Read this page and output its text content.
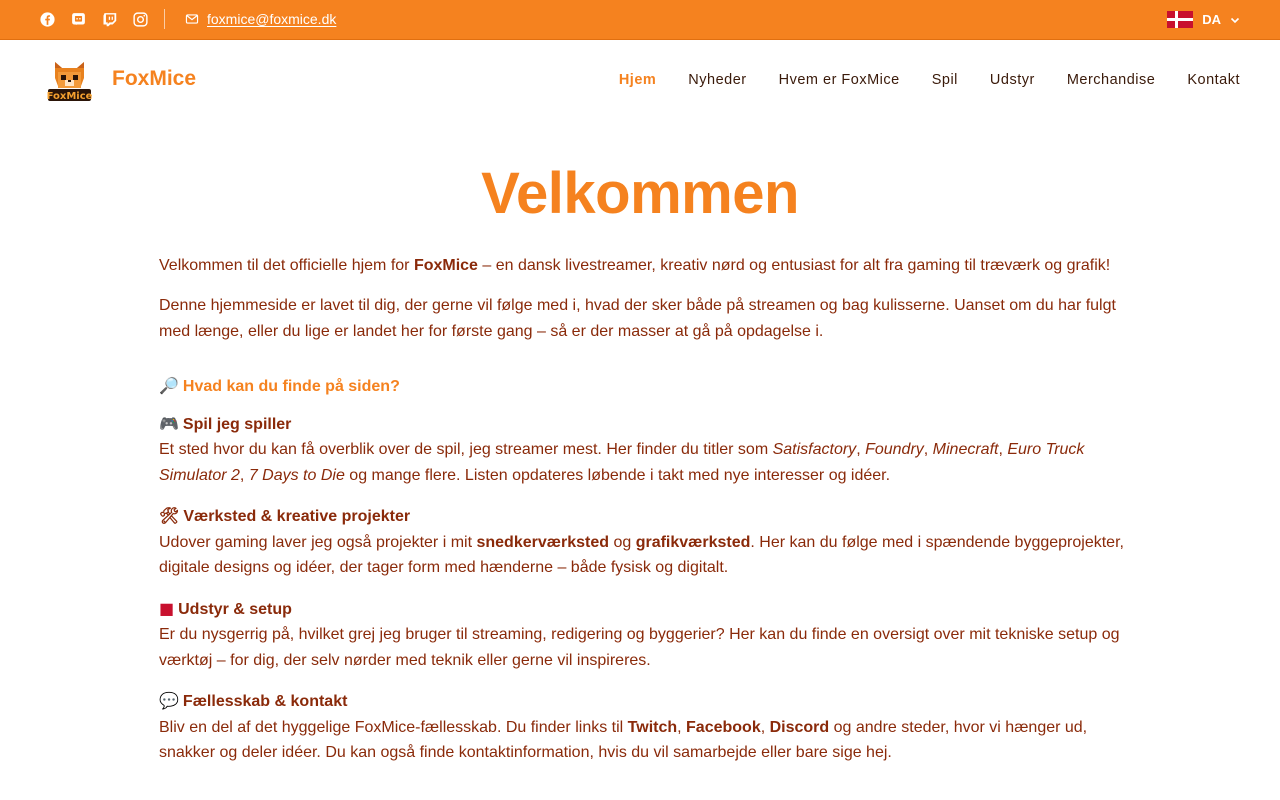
foxmice@foxmice.dk	DA
FoxMice
FoxMice	Hjem Nyheder Hvem er FoxMice Spil Udstyr Merchandise Kontakt
Velkommen

Velkommen til det officielle hjem for FoxMice – en dansk livestreamer, kreativ nørd og entusiast for alt fra gaming til træværk og grafik!

Denne hjemmeside er lavet til dig, der gerne vil følge med i, hvad der sker både på streamen og bag kulisserne. Uanset om du har fulgt med længe, eller du lige er landet her for første gang – så er der masser at gå på opdagelse i.

🔎 Hvad kan du finde på siden?
🎮 Spil jeg spiller
Et sted hvor du kan få overblik over de spil, jeg streamer mest. Her finder du titler som Satisfactory, Foundry, Minecraft, Euro Truck Simulator 2, 7 Days to Die og mange flere. Listen opdateres løbende i takt med nye interesser og idéer.
🛠 Værksted & kreative projekter
Udover gaming laver jeg også projekter i mit snedkerværksted og grafikværksted. Her kan du følge med i spændende byggeprojekter, digitale designs og idéer, der tager form med hænderne – både fysisk og digitalt.
■ Udstyr & setup
Er du nysgerrig på, hvilket grej jeg bruger til streaming, redigering og byggerier? Her kan du finde en oversigt over mit tekniske setup og værktøj – for dig, der selv nørder med teknik eller gerne vil inspireres.
💬 Fællesskab & kontakt
Bliv en del af det hyggelige FoxMice-fællesskab. Du finder links til Twitch, Facebook, Discord og andre steder, hvor vi hænger ud, snakker og deler idéer. Du kan også finde kontaktinformation, hvis du vil samarbejde eller bare sige hej.
